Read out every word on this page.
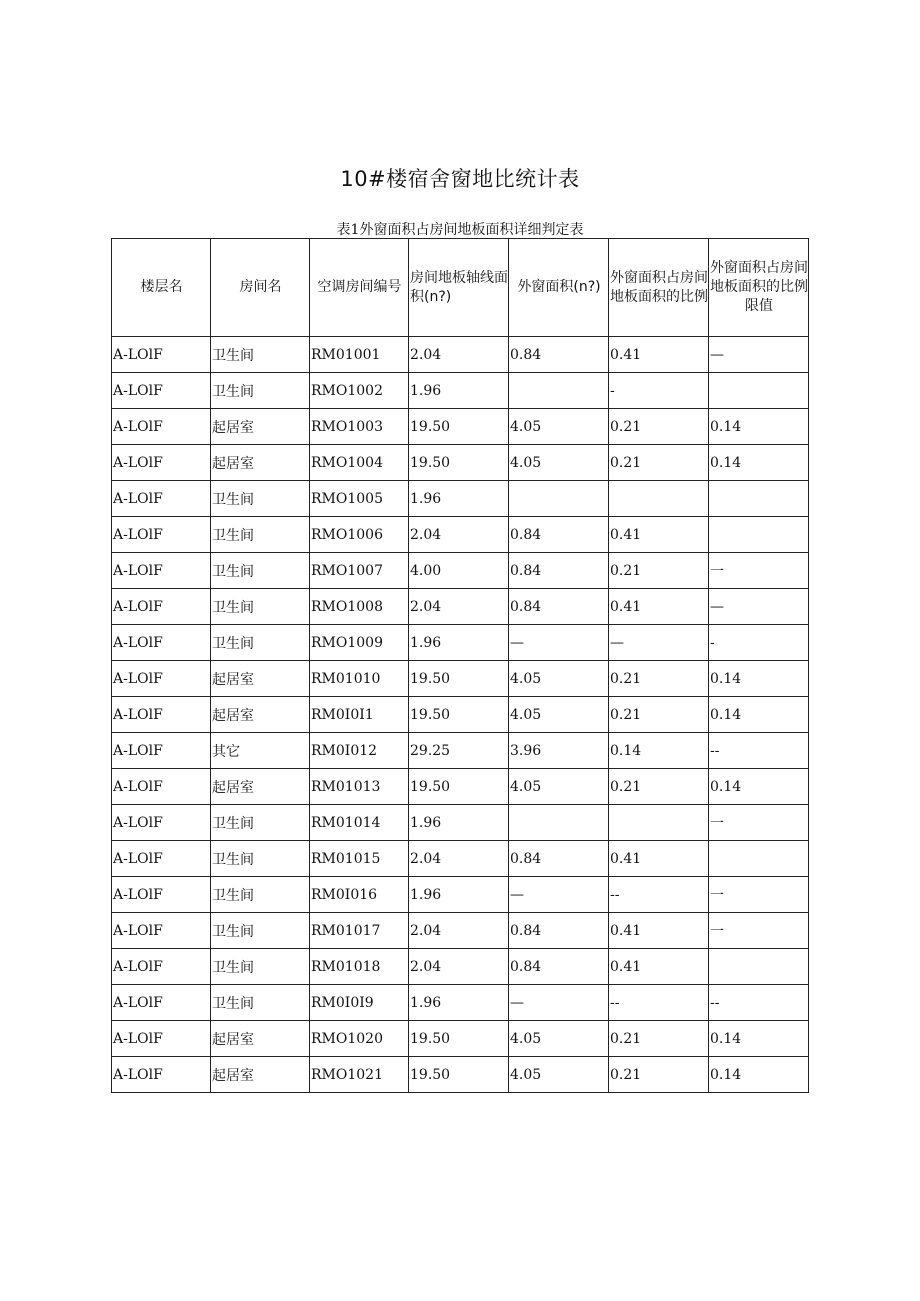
10#楼宿舍窗地比统计表
表1外窗面积占房间地板面积详细判定表
楼层名	房间名	空调房间编号	房间地板轴线面积(n?)	外窗面积(n?)	外窗面积占房间地板面积的比例	外窗面积占房间地板面积的比例限值
A-LOlF	卫生间	RM01001	2.04	0.84	0.41	—
A-LOlF	卫生间	RMO1002	1.96		-	
A-LOlF	起居室	RMO1003	19.50	4.05	0.21	0.14
A-LOlF	起居室	RMO1004	19.50	4.05	0.21	0.14
A-LOlF	卫生间	RMO1005	1.96			
A-LOlF	卫生间	RMO1006	2.04	0.84	0.41	
A-LOlF	卫生间	RMO1007	4.00	0.84	0.21	一
A-LOlF	卫生间	RMO1008	2.04	0.84	0.41	—
A-LOlF	卫生间	RMO1009	1.96	—	—	-
A-LOlF	起居室	RM01010	19.50	4.05	0.21	0.14
A-LOlF	起居室	RM0I0I1	19.50	4.05	0.21	0.14
A-LOlF	其它	RM0I012	29.25	3.96	0.14	--
A-LOlF	起居室	RM01013	19.50	4.05	0.21	0.14
A-LOlF	卫生间	RM01014	1.96			一
A-LOlF	卫生间	RM01015	2.04	0.84	0.41	
A-LOlF	卫生间	RM0I016	1.96	—	--	一
A-LOlF	卫生间	RM01017	2.04	0.84	0.41	一
A-LOlF	卫生间	RM01018	2.04	0.84	0.41	
A-LOlF	卫生间	RM0I0I9	1.96	—	--	--
A-LOlF	起居室	RMO1020	19.50	4.05	0.21	0.14
A-LOlF	起居室	RMO1021	19.50	4.05	0.21	0.14
